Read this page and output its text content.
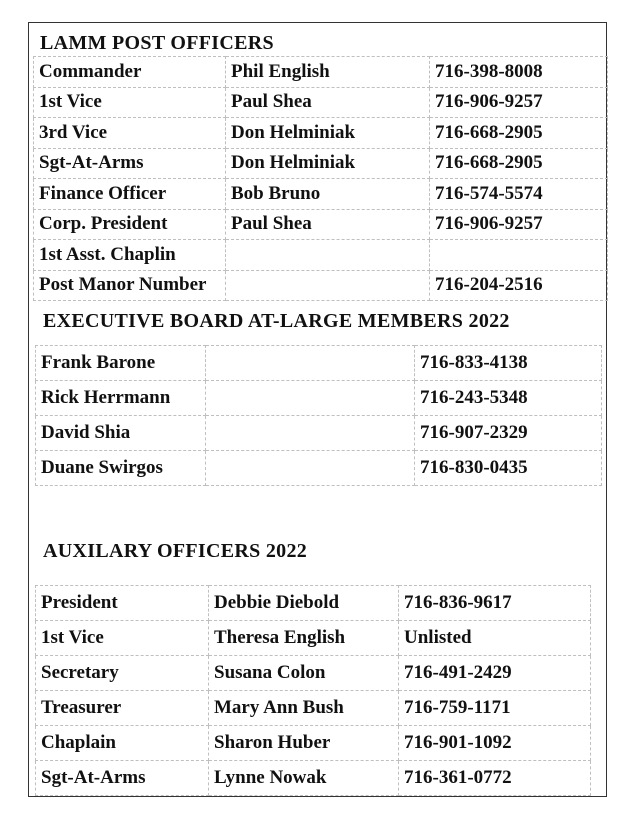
LAMM POST OFFICERS
Commander	Phil English	716-398-8008
1st Vice	Paul Shea	716-906-9257
3rd Vice	Don Helminiak	716-668-2905
Sgt-At-Arms	Don Helminiak	716-668-2905
Finance Officer	Bob Bruno	716-574-5574
Corp. President	Paul Shea	716-906-9257
1st Asst. Chaplin		
Post Manor Number		716-204-2516
EXECUTIVE BOARD AT-LARGE MEMBERS 2022
Frank Barone		716-833-4138
Rick Herrmann		716-243-5348
David Shia		716-907-2329
Duane Swirgos		716-830-0435
AUXILARY OFFICERS 2022
President	Debbie Diebold	716-836-9617
1st Vice	Theresa English	Unlisted
Secretary	Susana Colon	716-491-2429
Treasurer	Mary Ann Bush	716-759-1171
Chaplain	Sharon Huber	716-901-1092
Sgt-At-Arms	Lynne Nowak	716-361-0772
